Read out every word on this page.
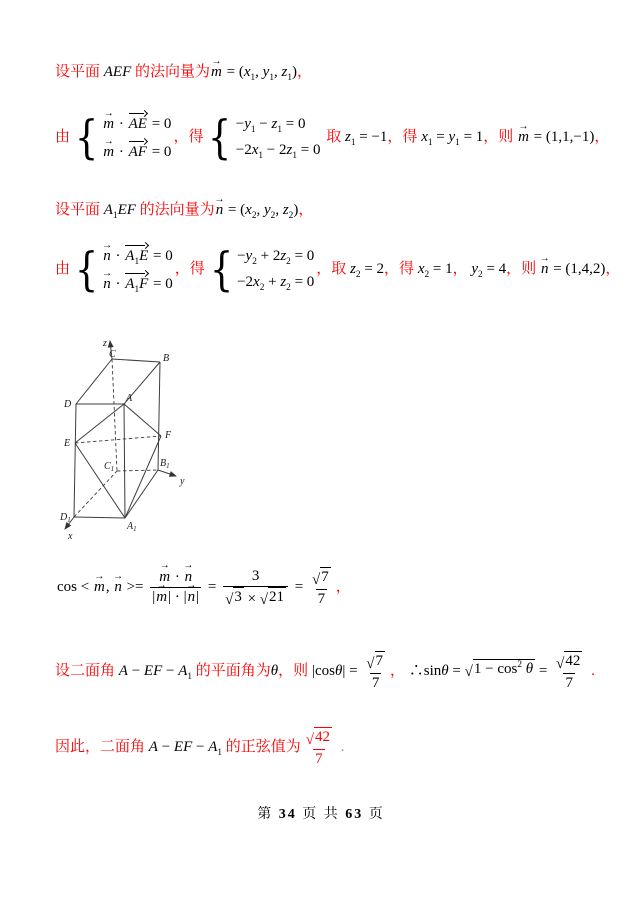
设平面 AEF 的法向量为m → = ($x_1$, $y_1$, $z_1$)，
由 { m → · AE = 0
m → · AF = 0
，得 { $-y_1 - z_1 = 0$
$-2x_1 - 2z_1 = 0$
取 $z_1 = -1$，得 $x_1 = y_1 = 1$，则 m → = (1,1,−1)，
设平面 $A_1EF$ 的法向量为n → = ($x_2$, $y_2$, $z_2$)，
由 { n → · $A_1E = 0$
n → · $A_1F = 0$
，得 { $-y_2 + 2z_2 = 0$
$-2x_2 + z_2 = 0$
，取 $z_2 = 2$，得 $x_2 = 1$， $y_2 = 4$，则 n → = (1,4,2)，
z
C	B
D
A
E
F
$C_1$	$B_1$
y
$D_1$
$A_1$
x
cos < m →, n → >= $\frac{m \to \cdot n \to}{|m \to| \cdot |n \to|} = \frac{3}{√ 3 \times √ 21} = \frac{√ 7}{7}$ ，
设二面角 A − EF − $A_1$ 的平面角为θ，则 $|\cos\theta| = \frac{√ 7}{7}$ ， ∴sinθ = √ $1 - \cos^2 \theta = \frac{√ 42}{7}$ .
因此，二面角 A − EF − $A_1$ 的正弦值为 $\frac{√ 42}{7}$ .
第 34 页 共 63 页
